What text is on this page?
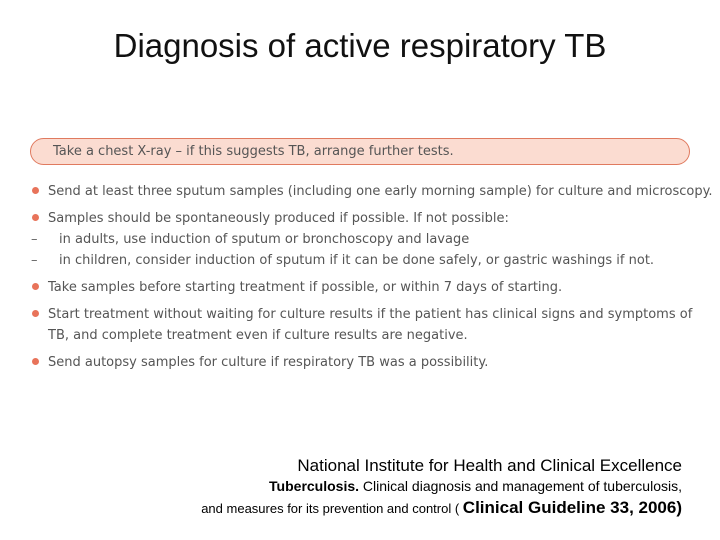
Diagnosis of active respiratory TB
Take a chest X-ray – if this suggests TB, arrange further tests.
Send at least three sputum samples (including one early morning sample) for culture and microscopy.
Samples should be spontaneously produced if possible. If not possible:
– in adults, use induction of sputum or bronchoscopy and lavage
– in children, consider induction of sputum if it can be done safely, or gastric washings if not.
Take samples before starting treatment if possible, or within 7 days of starting.
Start treatment without waiting for culture results if the patient has clinical signs and symptoms of
TB, and complete treatment even if culture results are negative.
Send autopsy samples for culture if respiratory TB was a possibility.
National Institute for Health and Clinical Excellence
Tuberculosis. Clinical diagnosis and management of tuberculosis,
and measures for its prevention and control ( Clinical Guideline 33, 2006)
